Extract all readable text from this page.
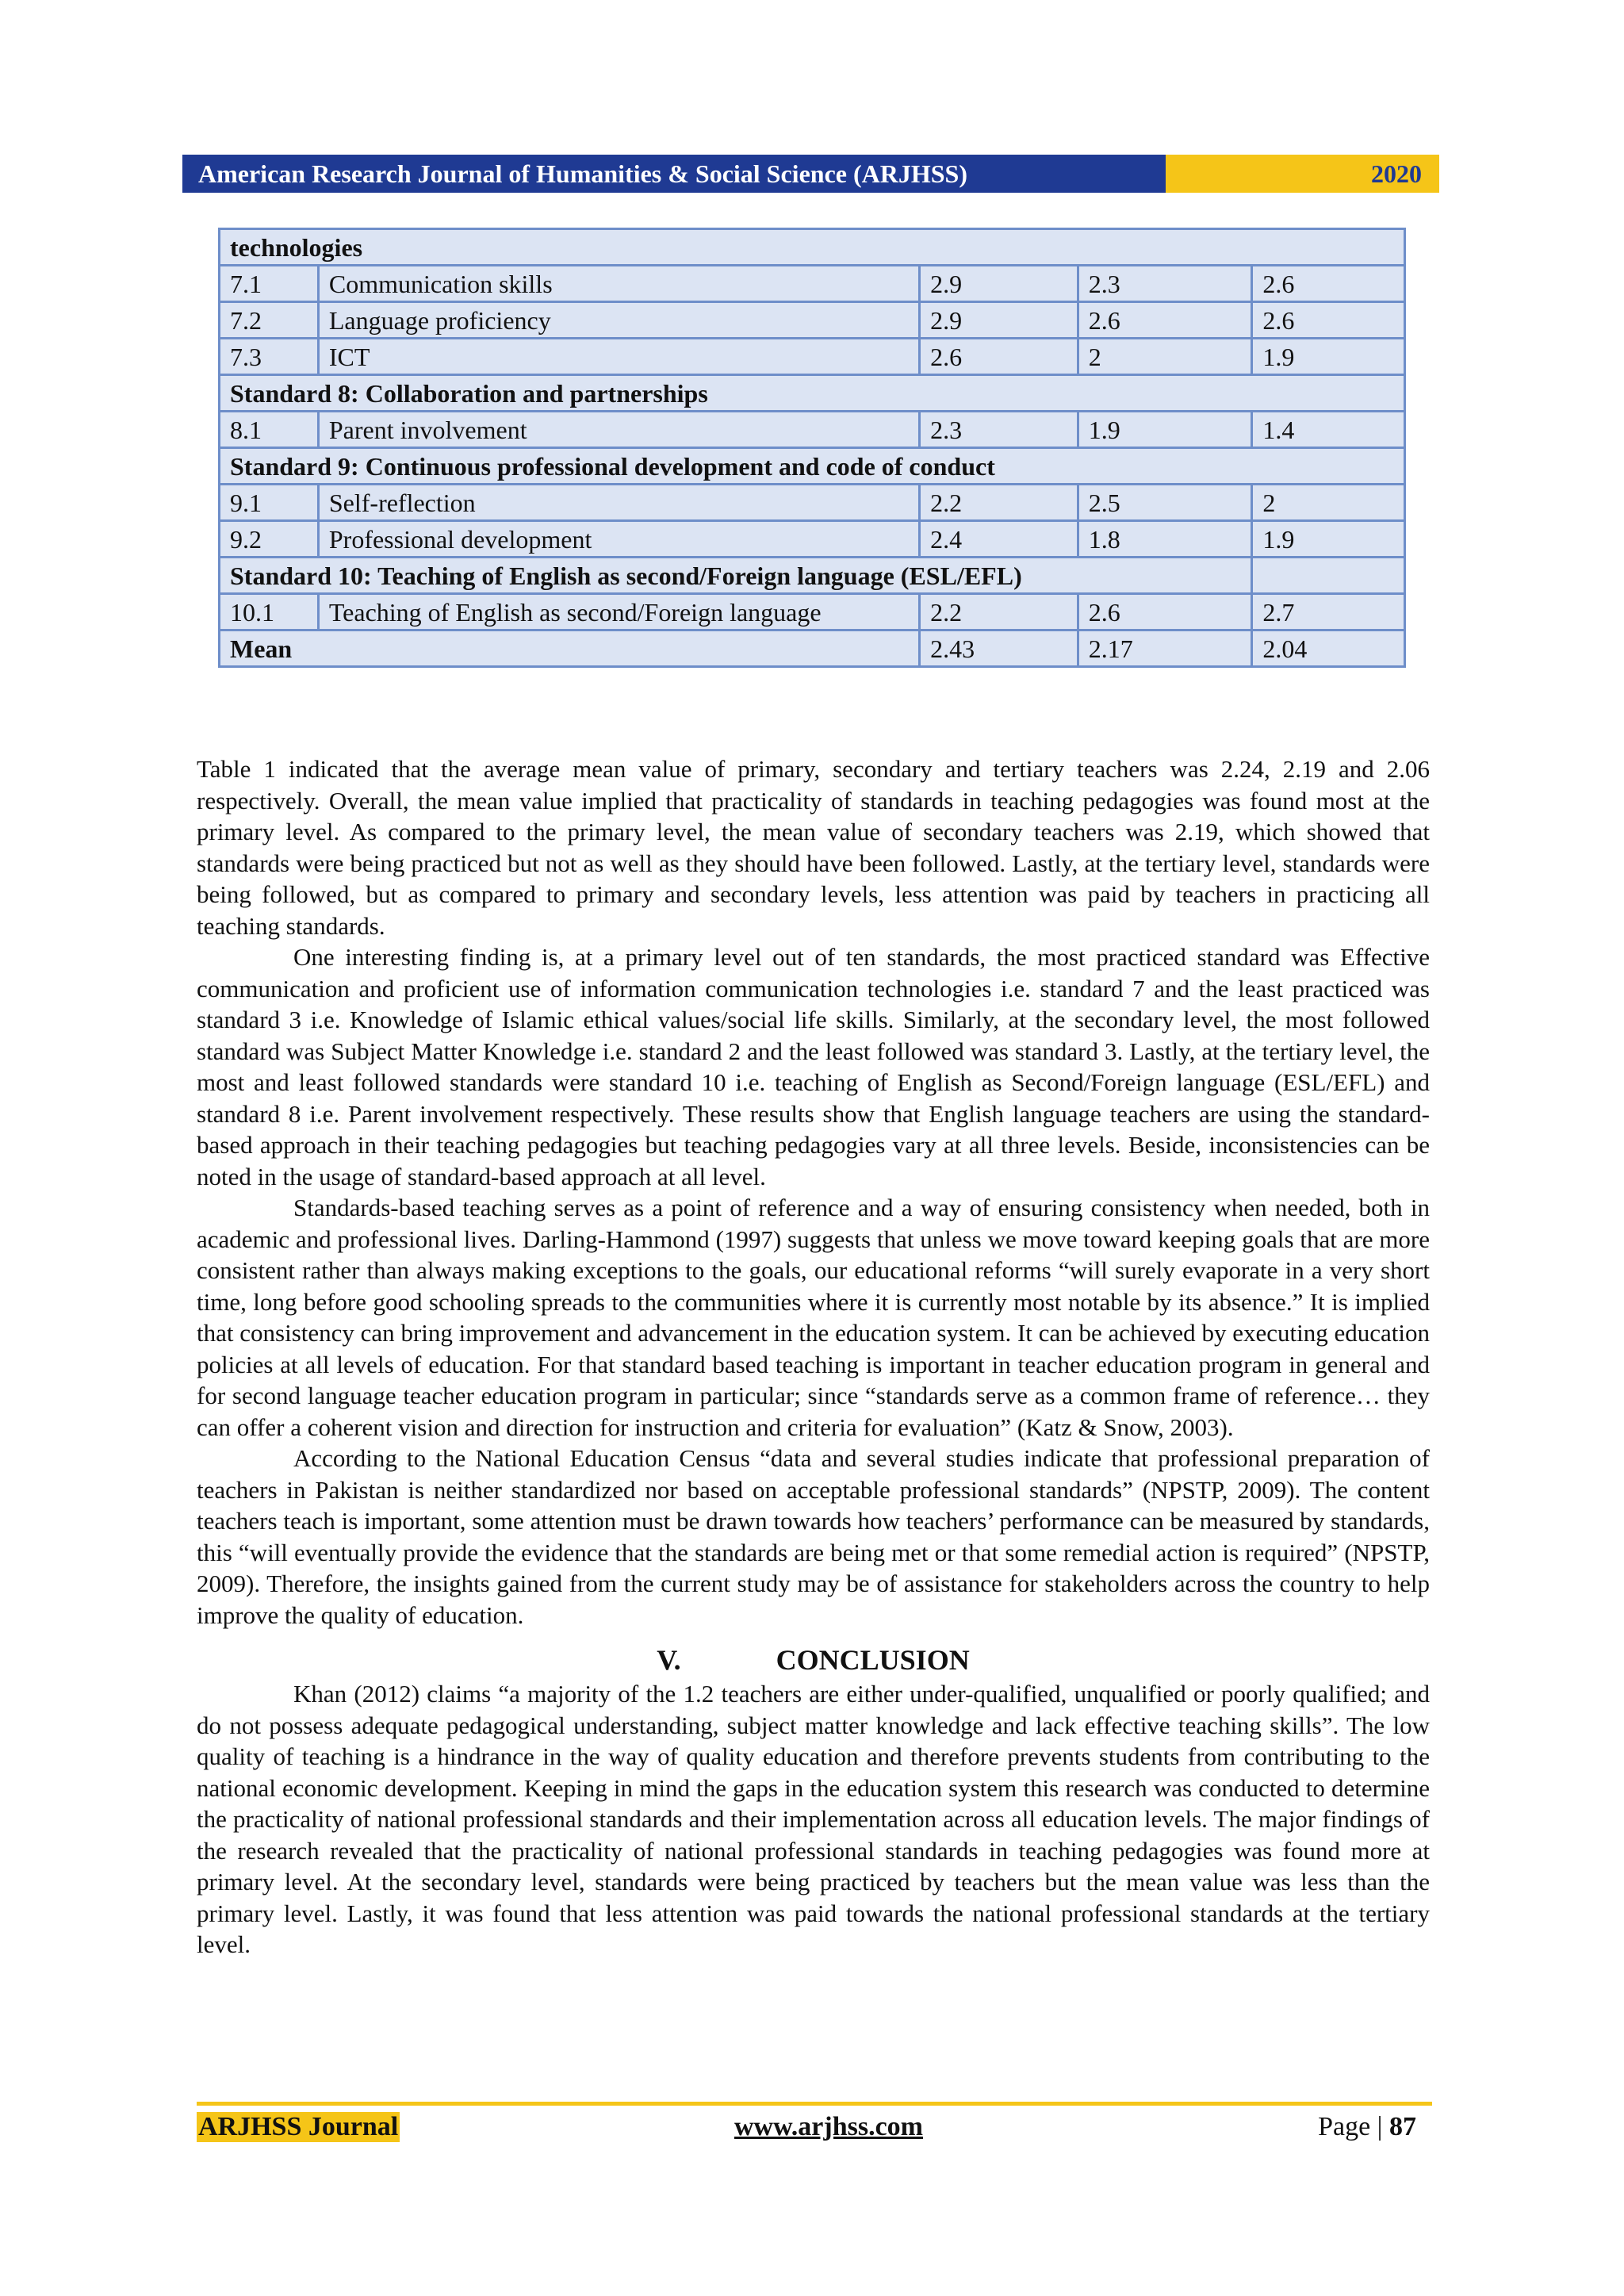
American Research Journal of Humanities & Social Science (ARJHSS)	2020
technologies				
7.1	Communication skills	2.9	2.3	2.6
7.2	Language proficiency	2.9	2.6	2.6
7.3	ICT	2.6	2	1.9
Standard 8: Collaboration and partnerships				
8.1	Parent involvement	2.3	1.9	1.4
Standard 9: Continuous professional development and code of conduct				
9.1	Self-reflection	2.2	2.5	2
9.2	Professional development	2.4	1.8	1.9
Standard 10: Teaching of English as second/Foreign language (ESL/EFL)				
10.1	Teaching of English as second/Foreign language	2.2	2.6	2.7
Mean		2.43	2.17	2.04

Table 1 indicated that the average mean value of primary, secondary and tertiary teachers was 2.24, 2.19 and 2.06 respectively. Overall, the mean value implied that practicality of standards in teaching pedagogies was found most at the primary level. As compared to the primary level, the mean value of secondary teachers was 2.19, which showed that standards were being practiced but not as well as they should have been followed. Lastly, at the tertiary level, standards were being followed, but as compared to primary and secondary levels, less attention was paid by teachers in practicing all teaching standards.

One interesting finding is, at a primary level out of ten standards, the most practiced standard was Effective communication and proficient use of information communication technologies i.e. standard 7 and the least practiced was standard 3 i.e. Knowledge of Islamic ethical values/social life skills. Similarly, at the secondary level, the most followed standard was Subject Matter Knowledge i.e. standard 2 and the least followed was standard 3. Lastly, at the tertiary level, the most and least followed standards were standard 10 i.e. teaching of English as Second/Foreign language (ESL/EFL) and standard 8 i.e. Parent involvement respectively. These results show that English language teachers are using the standard-based approach in their teaching pedagogies but teaching pedagogies vary at all three levels. Beside, inconsistencies can be noted in the usage of standard-based approach at all level.

Standards-based teaching serves as a point of reference and a way of ensuring consistency when needed, both in academic and professional lives. Darling-Hammond (1997) suggests that unless we move toward keeping goals that are more consistent rather than always making exceptions to the goals, our educational reforms “will surely evaporate in a very short time, long before good schooling spreads to the communities where it is currently most notable by its absence.” It is implied that consistency can bring improvement and advancement in the education system. It can be achieved by executing education policies at all levels of education. For that standard based teaching is important in teacher education program in general and for second language teacher education program in particular; since “standards serve as a common frame of reference… they can offer a coherent vision and direction for instruction and criteria for evaluation” (Katz & Snow, 2003).

According to the National Education Census “data and several studies indicate that professional preparation of teachers in Pakistan is neither standardized nor based on acceptable professional standards” (NPSTP, 2009). The content teachers teach is important, some attention must be drawn towards how teachers’ performance can be measured by standards, this “will eventually provide the evidence that the standards are being met or that some remedial action is required” (NPSTP, 2009). Therefore, the insights gained from the current study may be of assistance for stakeholders across the country to help improve the quality of education.

V.	CONCLUSION

Khan (2012) claims “a majority of the 1.2 teachers are either under-qualified, unqualified or poorly qualified; and do not possess adequate pedagogical understanding, subject matter knowledge and lack effective teaching skills”. The low quality of teaching is a hindrance in the way of quality education and therefore prevents students from contributing to the national economic development. Keeping in mind the gaps in the education system this research was conducted to determine the practicality of national professional standards and their implementation across all education levels. The major findings of the research revealed that the practicality of national professional standards in teaching pedagogies was found more at primary level. At the secondary level, standards were being practiced by teachers but the mean value was less than the primary level. Lastly, it was found that less attention was paid towards the national professional standards at the tertiary level.

ARJHSS Journal	www.arjhss.com	Page | 87
